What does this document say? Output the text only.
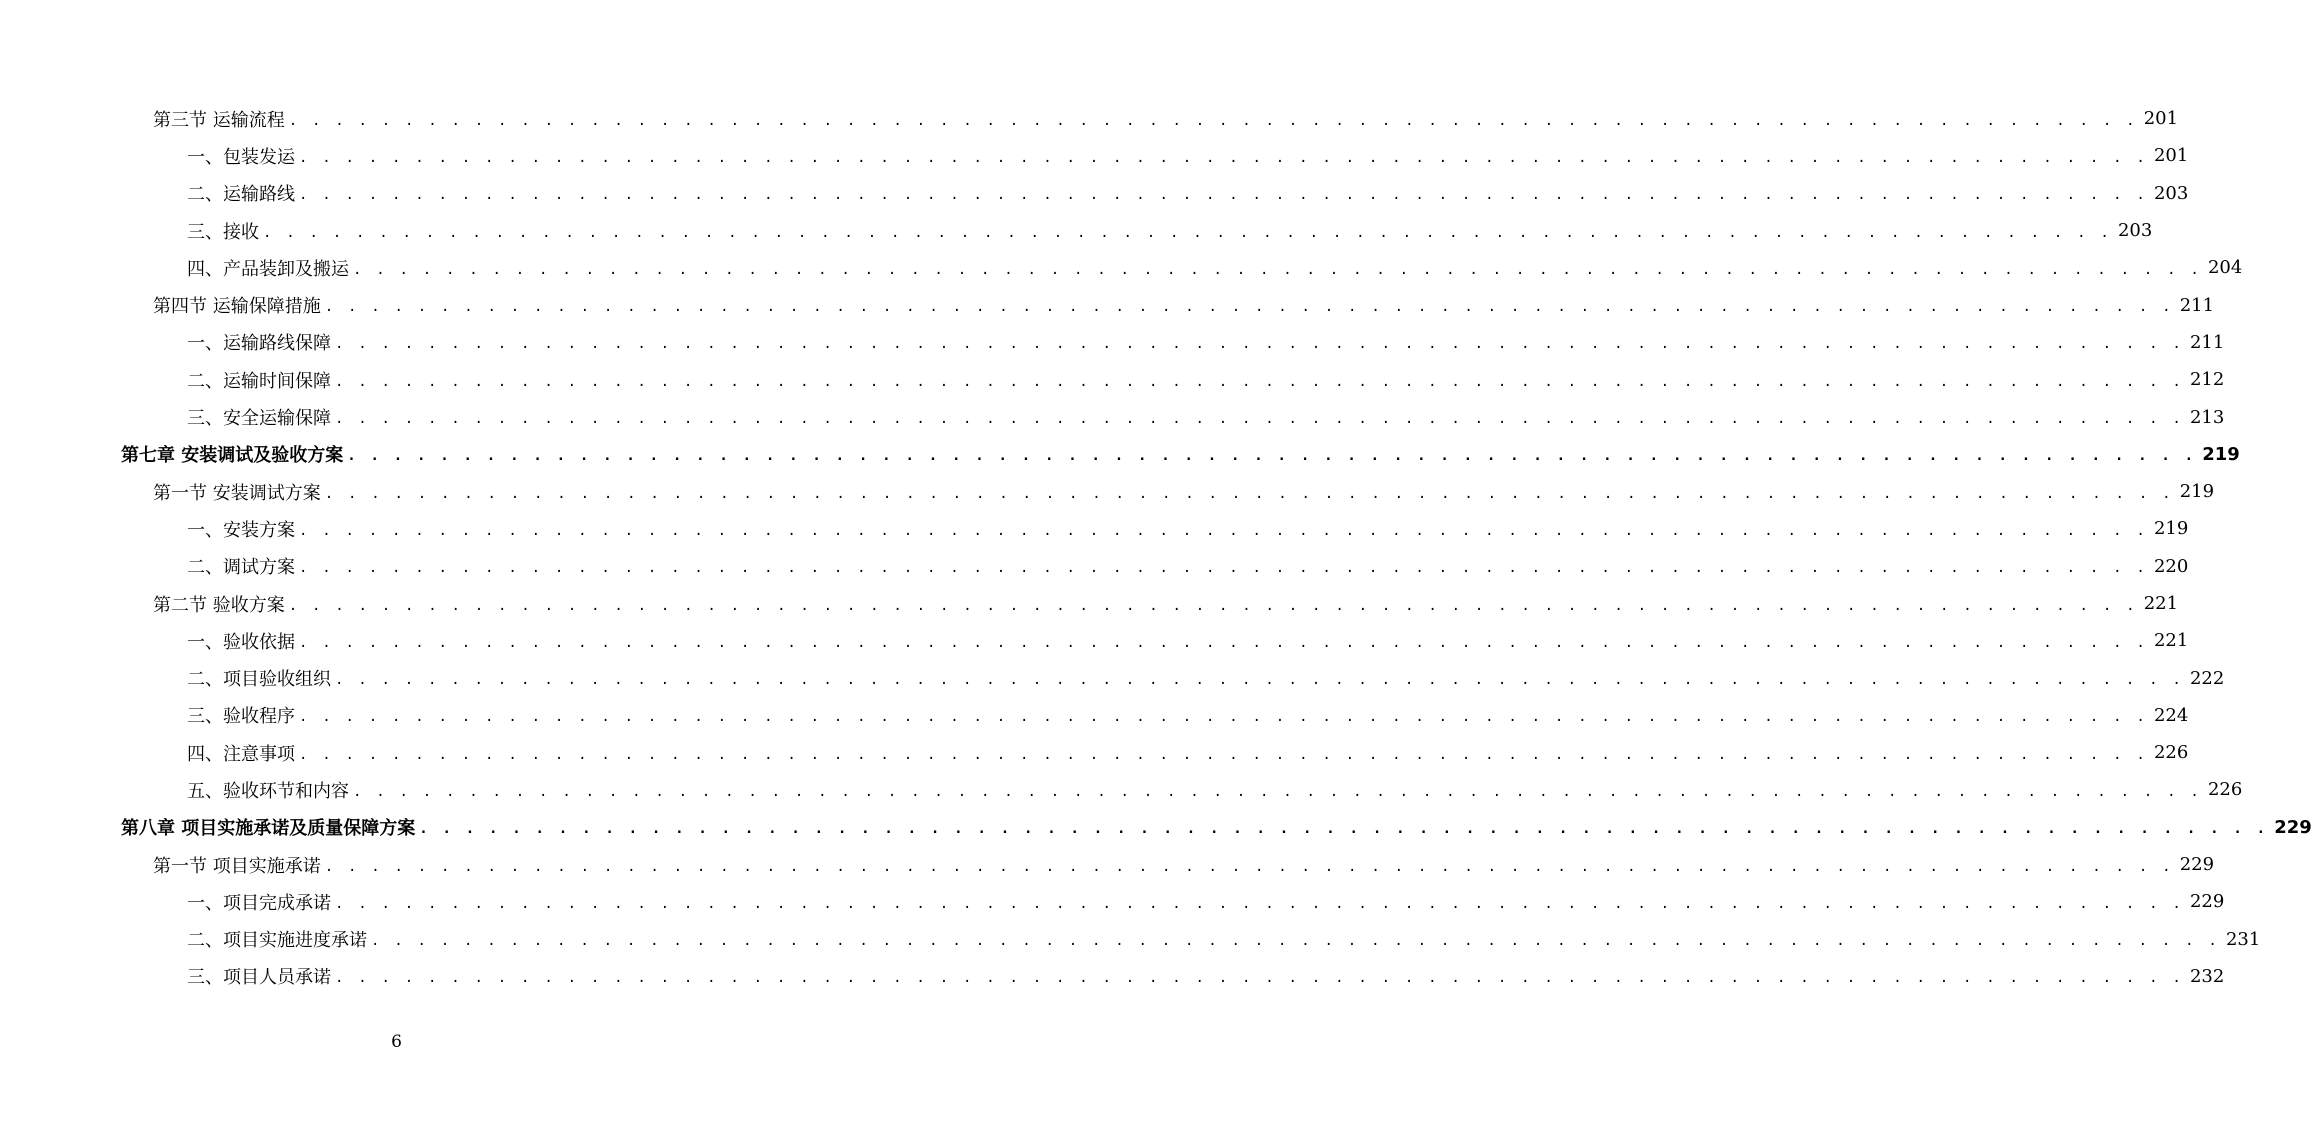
第三节 运输流程 . . . . . . . . . . . . . . . . . . . . . . . . . . . . . . . . . . . . . . . . . . . . . . . . . . . . . . . . . . . . . . . . . . . . . . . . . . . . . . . . 201
一、包装发运 . . . . . . . . . . . . . . . . . . . . . . . . . . . . . . . . . . . . . . . . . . . . . . . . . . . . . . . . . . . . . . . . . . . . . . . . . . . . . . . . 201
二、运输路线 . . . . . . . . . . . . . . . . . . . . . . . . . . . . . . . . . . . . . . . . . . . . . . . . . . . . . . . . . . . . . . . . . . . . . . . . . . . . . . . . 203
三、接收 . . . . . . . . . . . . . . . . . . . . . . . . . . . . . . . . . . . . . . . . . . . . . . . . . . . . . . . . . . . . . . . . . . . . . . . . . . . . . . . . 203
四、产品装卸及搬运 . . . . . . . . . . . . . . . . . . . . . . . . . . . . . . . . . . . . . . . . . . . . . . . . . . . . . . . . . . . . . . . . . . . . . . . . . . . . . . . . 204
第四节 运输保障措施 . . . . . . . . . . . . . . . . . . . . . . . . . . . . . . . . . . . . . . . . . . . . . . . . . . . . . . . . . . . . . . . . . . . . . . . . . . . . . . . . 211
一、运输路线保障 . . . . . . . . . . . . . . . . . . . . . . . . . . . . . . . . . . . . . . . . . . . . . . . . . . . . . . . . . . . . . . . . . . . . . . . . . . . . . . . . 211
二、运输时间保障 . . . . . . . . . . . . . . . . . . . . . . . . . . . . . . . . . . . . . . . . . . . . . . . . . . . . . . . . . . . . . . . . . . . . . . . . . . . . . . . . 212
三、安全运输保障 . . . . . . . . . . . . . . . . . . . . . . . . . . . . . . . . . . . . . . . . . . . . . . . . . . . . . . . . . . . . . . . . . . . . . . . . . . . . . . . . 213
第七章 安装调试及验收方案 . . . . . . . . . . . . . . . . . . . . . . . . . . . . . . . . . . . . . . . . . . . . . . . . . . . . . . . . . . . . . . . . . . . . . . . . . . . . . . . . 219
第一节 安装调试方案 . . . . . . . . . . . . . . . . . . . . . . . . . . . . . . . . . . . . . . . . . . . . . . . . . . . . . . . . . . . . . . . . . . . . . . . . . . . . . . . . 219
一、安装方案 . . . . . . . . . . . . . . . . . . . . . . . . . . . . . . . . . . . . . . . . . . . . . . . . . . . . . . . . . . . . . . . . . . . . . . . . . . . . . . . . 219
二、调试方案 . . . . . . . . . . . . . . . . . . . . . . . . . . . . . . . . . . . . . . . . . . . . . . . . . . . . . . . . . . . . . . . . . . . . . . . . . . . . . . . . 220
第二节 验收方案 . . . . . . . . . . . . . . . . . . . . . . . . . . . . . . . . . . . . . . . . . . . . . . . . . . . . . . . . . . . . . . . . . . . . . . . . . . . . . . . . 221
一、验收依据 . . . . . . . . . . . . . . . . . . . . . . . . . . . . . . . . . . . . . . . . . . . . . . . . . . . . . . . . . . . . . . . . . . . . . . . . . . . . . . . . 221
二、项目验收组织 . . . . . . . . . . . . . . . . . . . . . . . . . . . . . . . . . . . . . . . . . . . . . . . . . . . . . . . . . . . . . . . . . . . . . . . . . . . . . . . . 222
三、验收程序 . . . . . . . . . . . . . . . . . . . . . . . . . . . . . . . . . . . . . . . . . . . . . . . . . . . . . . . . . . . . . . . . . . . . . . . . . . . . . . . . 224
四、注意事项 . . . . . . . . . . . . . . . . . . . . . . . . . . . . . . . . . . . . . . . . . . . . . . . . . . . . . . . . . . . . . . . . . . . . . . . . . . . . . . . . 226
五、验收环节和内容 . . . . . . . . . . . . . . . . . . . . . . . . . . . . . . . . . . . . . . . . . . . . . . . . . . . . . . . . . . . . . . . . . . . . . . . . . . . . . . . . 226
第八章 项目实施承诺及质量保障方案 . . . . . . . . . . . . . . . . . . . . . . . . . . . . . . . . . . . . . . . . . . . . . . . . . . . . . . . . . . . . . . . . . . . . . . . . . . . . . . . . 229
第一节 项目实施承诺 . . . . . . . . . . . . . . . . . . . . . . . . . . . . . . . . . . . . . . . . . . . . . . . . . . . . . . . . . . . . . . . . . . . . . . . . . . . . . . . . 229
一、项目完成承诺 . . . . . . . . . . . . . . . . . . . . . . . . . . . . . . . . . . . . . . . . . . . . . . . . . . . . . . . . . . . . . . . . . . . . . . . . . . . . . . . . 229
二、项目实施进度承诺 . . . . . . . . . . . . . . . . . . . . . . . . . . . . . . . . . . . . . . . . . . . . . . . . . . . . . . . . . . . . . . . . . . . . . . . . . . . . . . . . 231
三、项目人员承诺 . . . . . . . . . . . . . . . . . . . . . . . . . . . . . . . . . . . . . . . . . . . . . . . . . . . . . . . . . . . . . . . . . . . . . . . . . . . . . . . . 232
6
